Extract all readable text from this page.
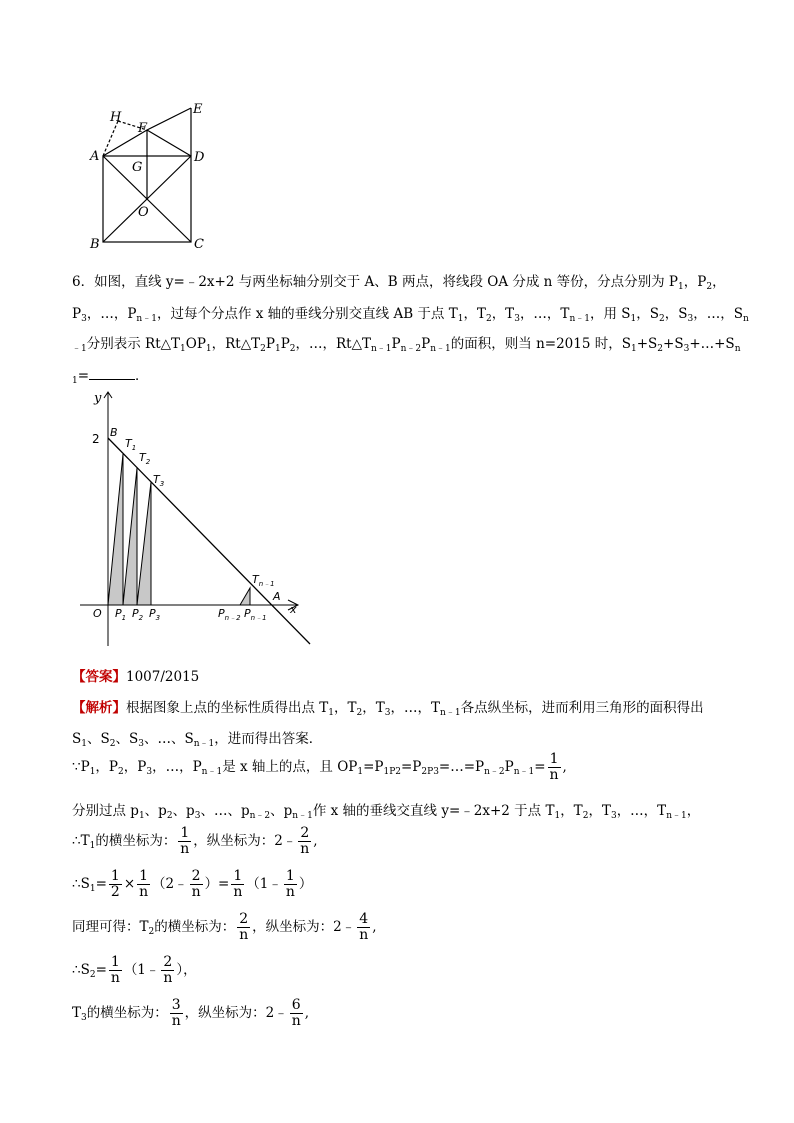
H
E
F
A	D
G
O
B	C
6．如图，直线 y=﹣2x+2 与两坐标轴分别交于 A、B 两点，将线段 OA 分成 n 等份，分点分别为 $P_1$，$P_2$，
$P_3$，…，$P_{n﹣1}$，过每个分点作 x 轴的垂线分别交直线 AB 于点 $T_1$，$T_2$，$T_3$，…，$T_{n﹣1}$，用 $S_1$，$S_2$，$S_3$，…，$S_n$
$_{﹣1}$分别表示 $Rt\triangle T_1OP_1$，$Rt\triangle T_2P_1P_2$，…，$Rt\triangle T_{n﹣1}P_{n﹣2}P_{n﹣1}$的面积，则当 n=2015 时，$S_1+S_2+S_3+\dots+S_n$
$_1$=	．
y
2 B
$T_1$
$T_2$
$T_3$
$T_{n﹣1}$
O $P_1$ $P_2$ $P_3$	$P_{n﹣2}$ $P_{n﹣1}$
A
x
【答案】1007/2015
【解析】根据图象上点的坐标性质得出点 $T_1$，$T_2$，$T_3$，…，$T_{n﹣1}$各点纵坐标，进而利用三角形的面积得出
$S_1$、$S_2$、$S_3$、…、$S_{n﹣1}$，进而得出答案．
$\because P_1$，$P_2$，$P_3$，…，$P_{n﹣1}$是 x 轴上的点，且 $OP_1=P_{1P2}=P_{2P3}=\dots=P_{n﹣2}P_{n﹣1}= \frac{1}{n}$ ,
分别过点 $p_1$、$p_2$、$p_3$、…、$p_{n﹣2}$、$p_{n﹣1}$作 x 轴的垂线交直线 y=﹣2x+2 于点 $T_1$，$T_2$，$T_3$，…，$T_{n﹣1}$，
$\therefore T_1$的横坐标为： $\frac{1}{n}$ ，纵坐标为：2﹣ $\frac{2}{n}$ ,
$\therefore S_1= \frac{1}{2} \times \frac{1}{n}$ （2﹣ $\frac{2}{n}$ ）= $\frac{1}{n}$ （1﹣ $\frac{1}{n}$ ）
同理可得：$T_2$的横坐标为： $\frac{2}{n}$ ，纵坐标为：2﹣ $\frac{4}{n}$ ,
$\therefore S_2= \frac{1}{n}$ （1﹣ $\frac{2}{n}$ ），
$T_3$的横坐标为： $\frac{3}{n}$ ，纵坐标为：2﹣ $\frac{6}{n}$ ,
